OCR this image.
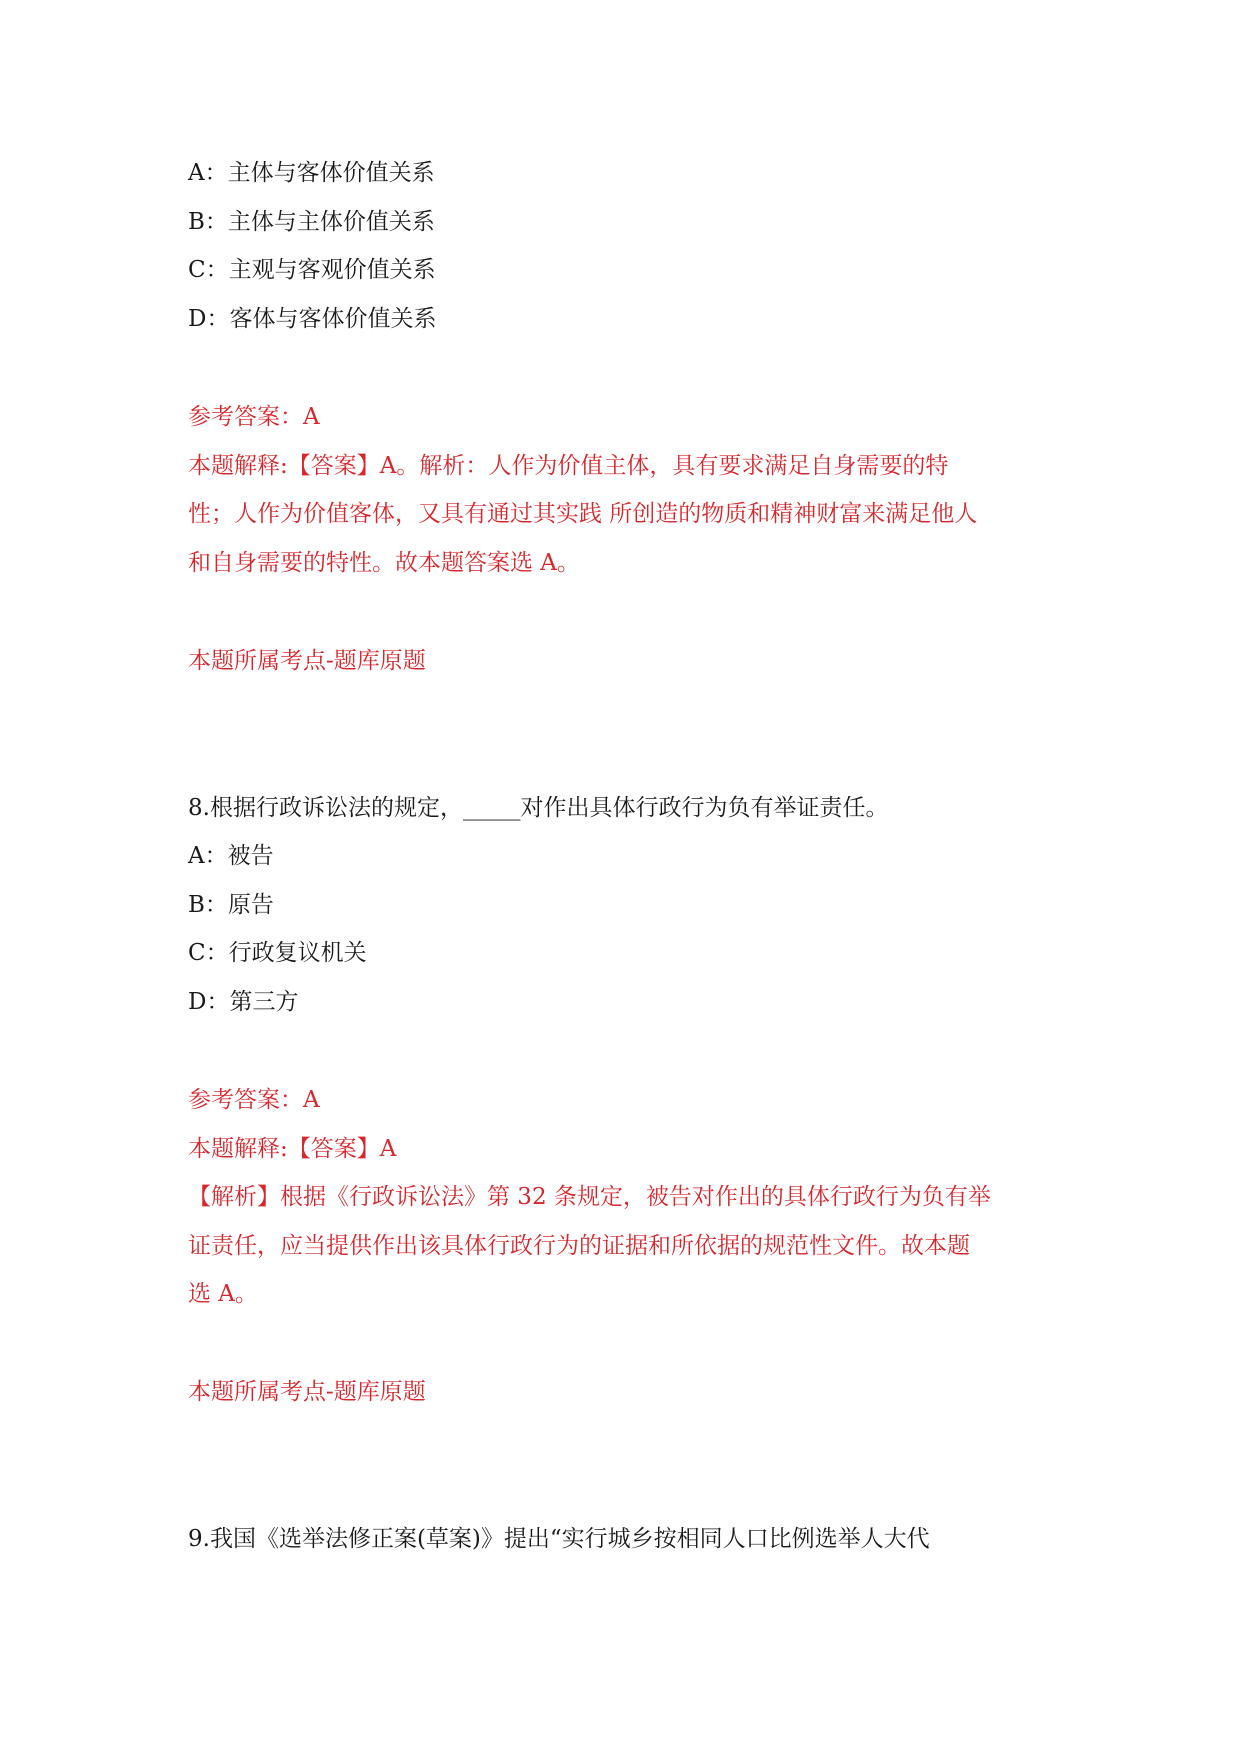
A：主体与客体价值关系

B：主体与主体价值关系

C：主观与客观价值关系

D：客体与客体价值关系

参考答案：A

本题解释:【答案】A。解析：人作为价值主体，具有要求满足自身需要的特

性；人作为价值客体，又具有通过其实践 所创造的物质和精神财富来满足他人

和自身需要的特性。故本题答案选 A。

本题所属考点-题库原题

8.根据行政诉讼法的规定，_____对作出具体行政行为负有举证责任。

A：被告

B：原告

C：行政复议机关

D：第三方

参考答案：A

本题解释:【答案】A

【解析】根据《行政诉讼法》第 32 条规定，被告对作出的具体行政行为负有举

证责任，应当提供作出该具体行政行为的证据和所依据的规范性文件。故本题

选 A。

本题所属考点-题库原题

9.我国《选举法修正案(草案)》提出“实行城乡按相同人口比例选举人大代
